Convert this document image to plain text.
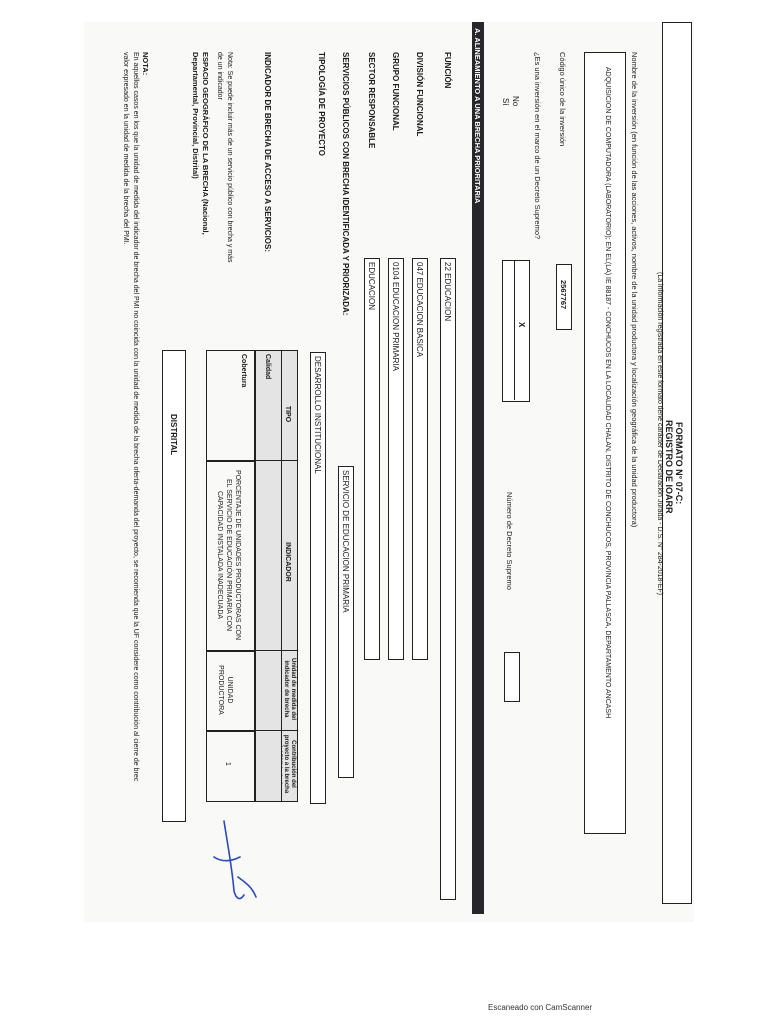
FORMATO N° 07-C:
REGISTRO DE IOARR
(La información registrada en este formato tiene carácter de Declaración Jurada - D.S. N° 284-2018-EF)
Nombre de la inversión (en función de las acciones, activos, nombre de la unidad productora y localización geográfica de la unidad productora)
ADQUISICION DE COMPUTADORA (LABORATORIO); EN EL(LA) IE 88187 - CONCHUCOS EN LA LOCALIDAD CHALAN, DISTRITO DE CONCHUCOS, PROVINCIA PALLASCA, DEPARTAMENTO ANCASH
Código único de la inversión
2567767
¿Es una inversión en el marco de un Decreto Supremo?
No
Sí
X
Número de Decreto Supremo
A. ALINEAMIENTO A UNA BRECHA PRIORITARIA
FUNCIÓN
22 EDUCACION
DIVISIÓN FUNCIONAL
047 EDUCACION BASICA
GRUPO FUNCIONAL
0104 EDUCACION PRIMARIA
SECTOR RESPONSABLE
EDUCACION
SERVICIOS PÚBLICOS CON BRECHA IDENTIFICADA Y PRIORIZADA:
SERVICIO DE EDUCACION PRIMARIA
TIPOLOGÍA DE PROYECTO
DESARROLLO INSTITUCIONAL
INDICADOR DE BRECHA DE ACCESO A SERVICIOS:
Nota: Se puede incluir más de un servicio público con brecha y más de un indicador
TIPO
INDICADOR
Unidad de medida del indicador de brecha
Contribución del proyecto a la brecha
Calidad
Cobertura
PORCENTAJE DE UNIDADES PRODUCTORAS CON EL SERVICIO DE EDUCACIÓN PRIMARIA CON CAPACIDAD INSTALADA INADECUADA
UNIDAD PRODUCTORA
1
ESPACIO GEOGRÁFICO DE LA BRECHA (Nacional, Departamental, Provincial, Distrital)
DISTRITAL
NOTA:
En aquellos casos en los que la unidad de medida del indicador de brecha del PMI no coincida con la unidad de medida de la brecha oferta-demanda del proyecto, se recomienda que la UF considere como contribución al cierre de brec
valor expresado en la unidad de medida de la brecha del PMI.
Escaneado con CamScanner
